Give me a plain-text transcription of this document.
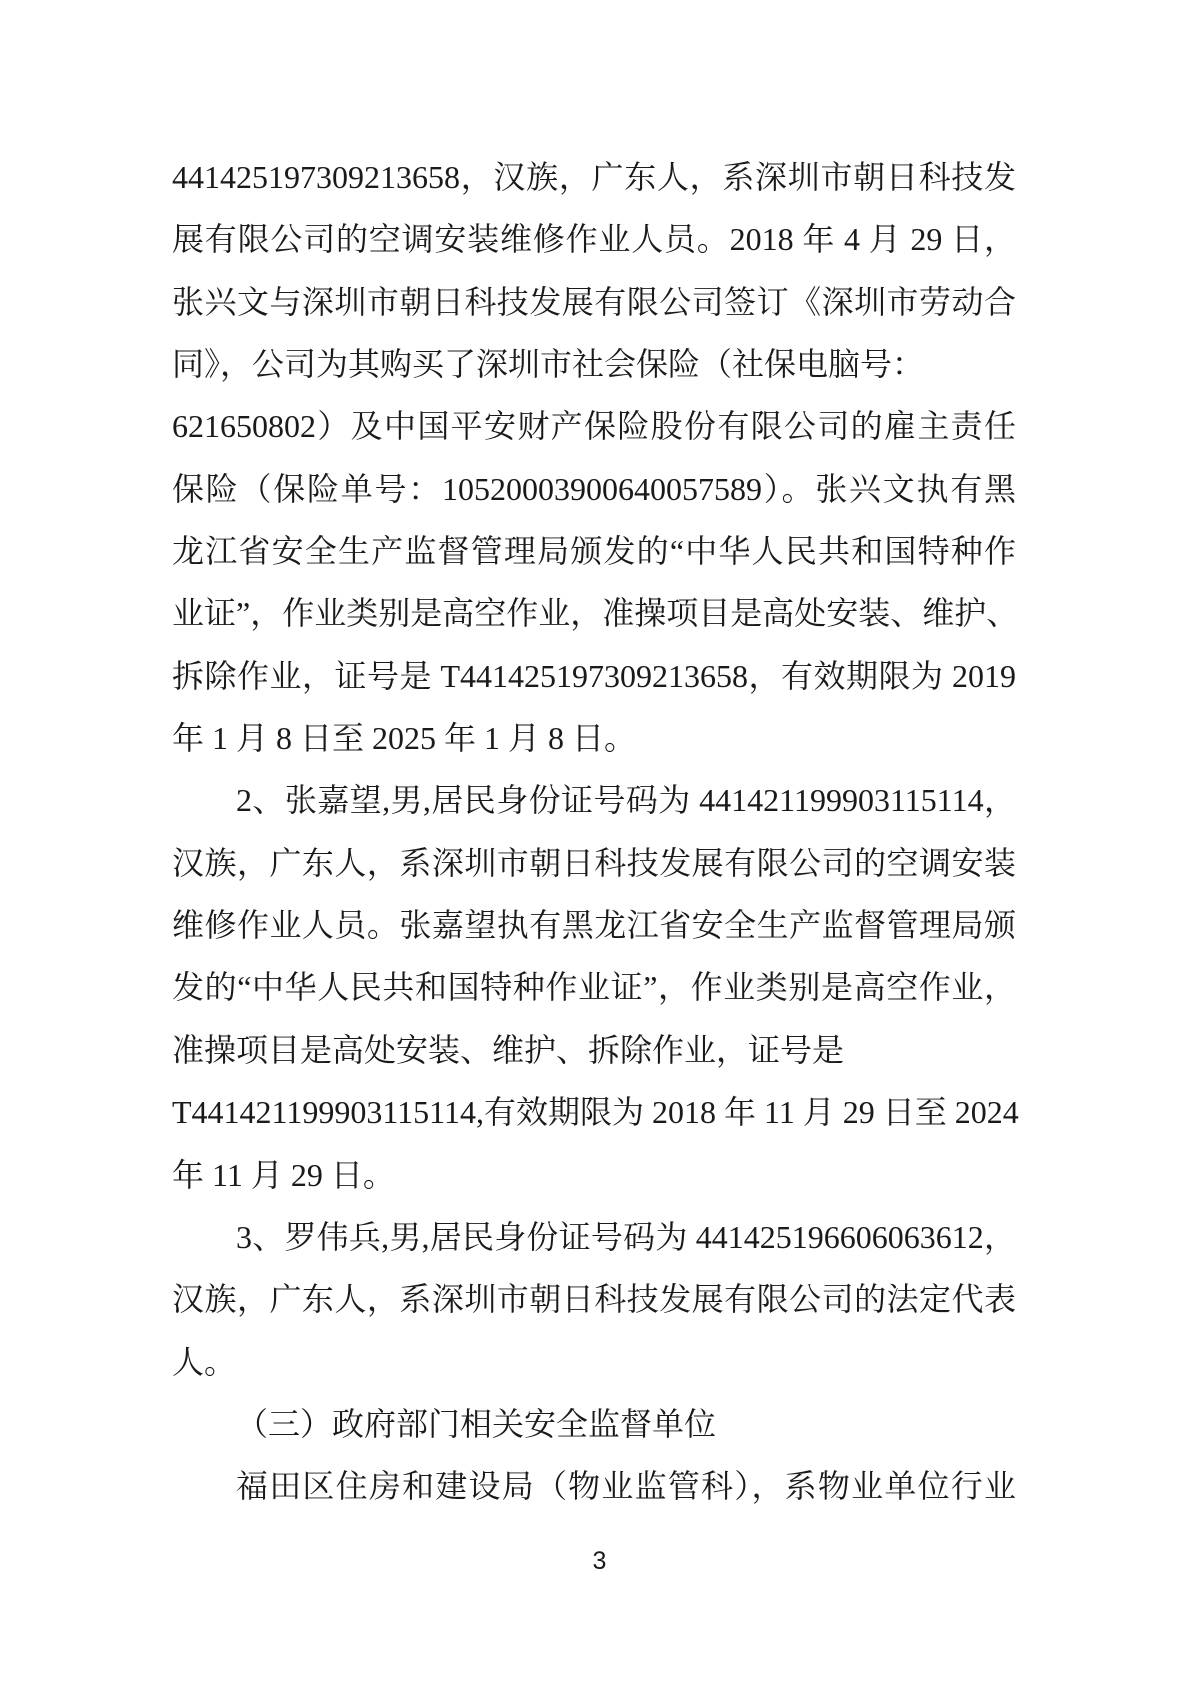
441425197309213658，汉族，广东人，系深圳市朝日科技发
展有限公司的空调安装维修作业人员。2018 年 4 月 29 日，
张兴文与深圳市朝日科技发展有限公司签订《深圳市劳动合
同》，公司为其购买了深圳市社会保险（社保电脑号：
621650802）及中国平安财产保险股份有限公司的雇主责任
保险（保险单号：10520003900640057589）。张兴文执有黑
龙江省安全生产监督管理局颁发的“中华人民共和国特种作
业证”，作业类别是高空作业，准操项目是高处安装、维护、
拆除作业，证号是 T441425197309213658，有效期限为 2019
年 1 月 8 日至 2025 年 1 月 8 日。
2、张嘉望,男,居民身份证号码为 441421199903115114，
汉族，广东人，系深圳市朝日科技发展有限公司的空调安装
维修作业人员。张嘉望执有黑龙江省安全生产监督管理局颁
发的“中华人民共和国特种作业证”，作业类别是高空作业，
准操项目是高处安装、维护、拆除作业，证号是
T441421199903115114,有效期限为 2018 年 11 月 29 日至 2024
年 11 月 29 日。
3、罗伟兵,男,居民身份证号码为 441425196606063612，
汉族，广东人，系深圳市朝日科技发展有限公司的法定代表
人。
（三）政府部门相关安全监督单位
福田区住房和建设局（物业监管科），系物业单位行业
3
